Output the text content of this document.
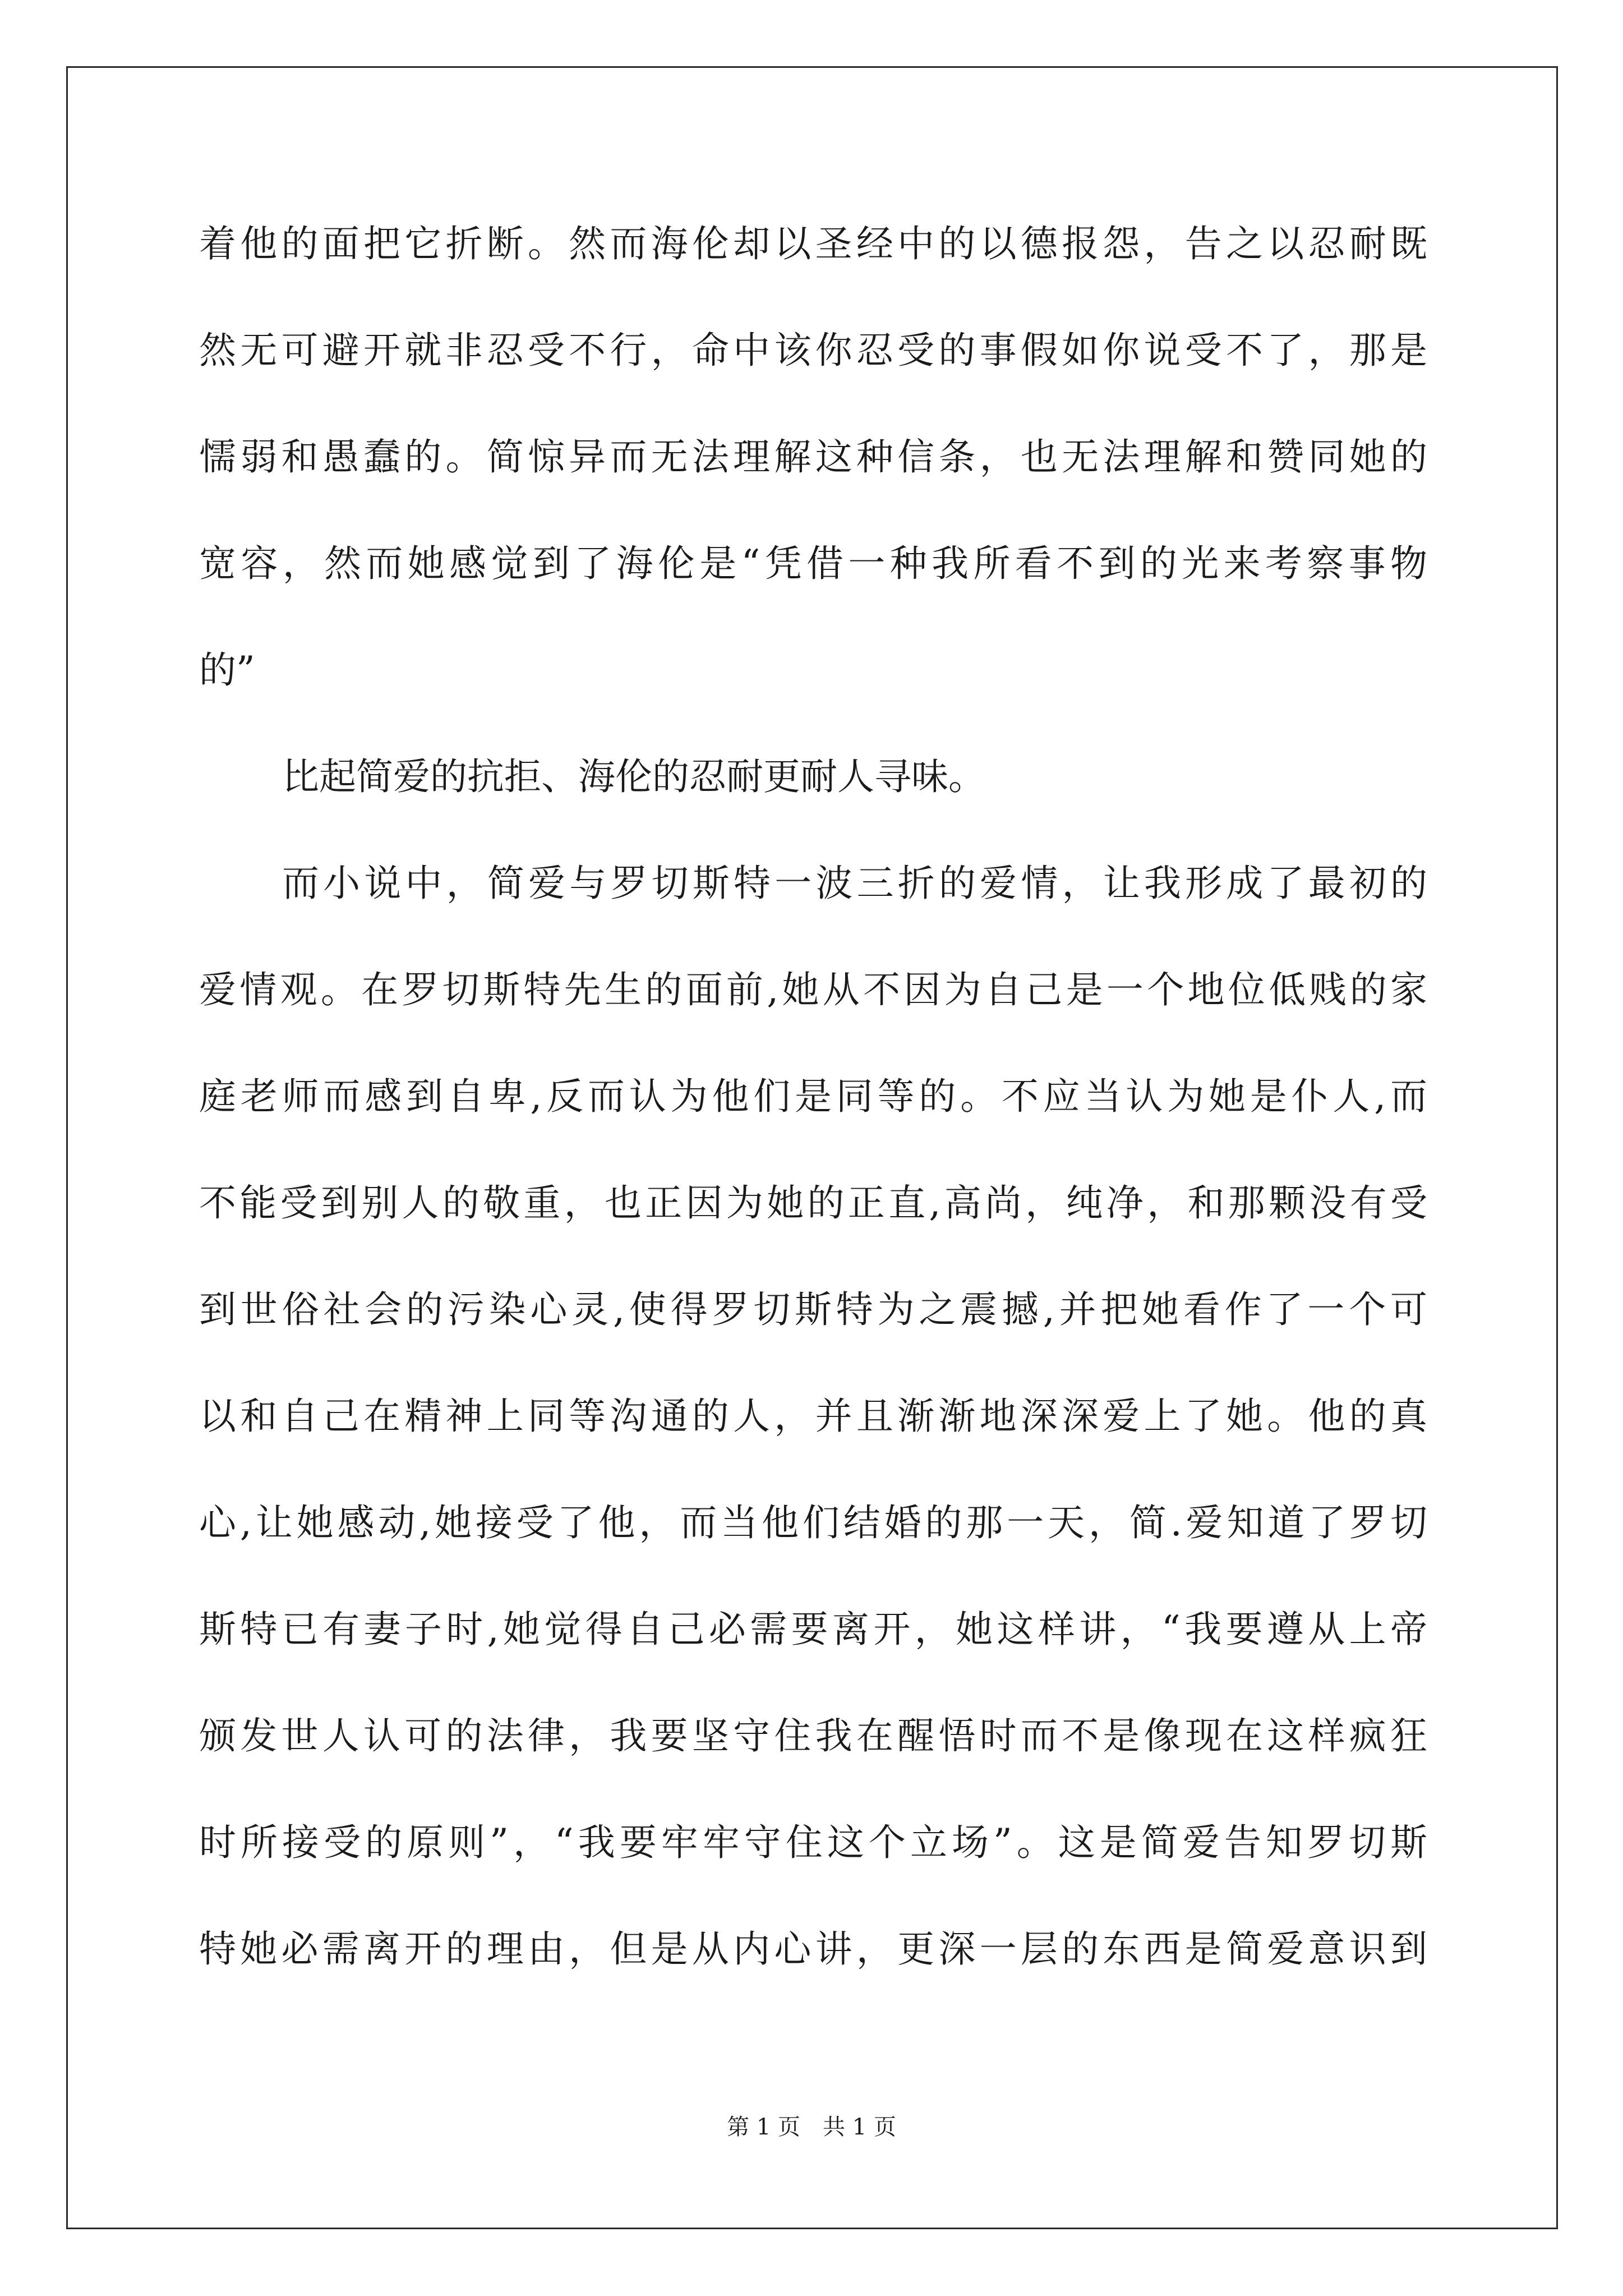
着他的面把它折断。然而海伦却以圣经中的以德报怨，告之以忍耐既
然无可避开就非忍受不行，命中该你忍受的事假如你说受不了，那是
懦弱和愚蠢的。简惊异而无法理解这种信条，也无法理解和赞同她的
宽容，然而她感觉到了海伦是“凭借一种我所看不到的光来考察事物
的”
比起简爱的抗拒、海伦的忍耐更耐人寻味。
而小说中，简爱与罗切斯特一波三折的爱情，让我形成了最初的
爱情观。在罗切斯特先生的面前,她从不因为自己是一个地位低贱的家
庭老师而感到自卑,反而认为他们是同等的。不应当认为她是仆人,而
不能受到别人的敬重，也正因为她的正直,高尚，纯净，和那颗没有受
到世俗社会的污染心灵,使得罗切斯特为之震撼,并把她看作了一个可
以和自己在精神上同等沟通的人，并且渐渐地深深爱上了她。他的真
心,让她感动,她接受了他，而当他们结婚的那一天，简.爱知道了罗切
斯特已有妻子时,她觉得自己必需要离开，她这样讲，“我要遵从上帝
颁发世人认可的法律，我要坚守住我在醒悟时而不是像现在这样疯狂
时所接受的原则”，“我要牢牢守住这个立场”。这是简爱告知罗切斯
特她必需离开的理由，但是从内心讲，更深一层的东西是简爱意识到
第 1 页　共 1 页
